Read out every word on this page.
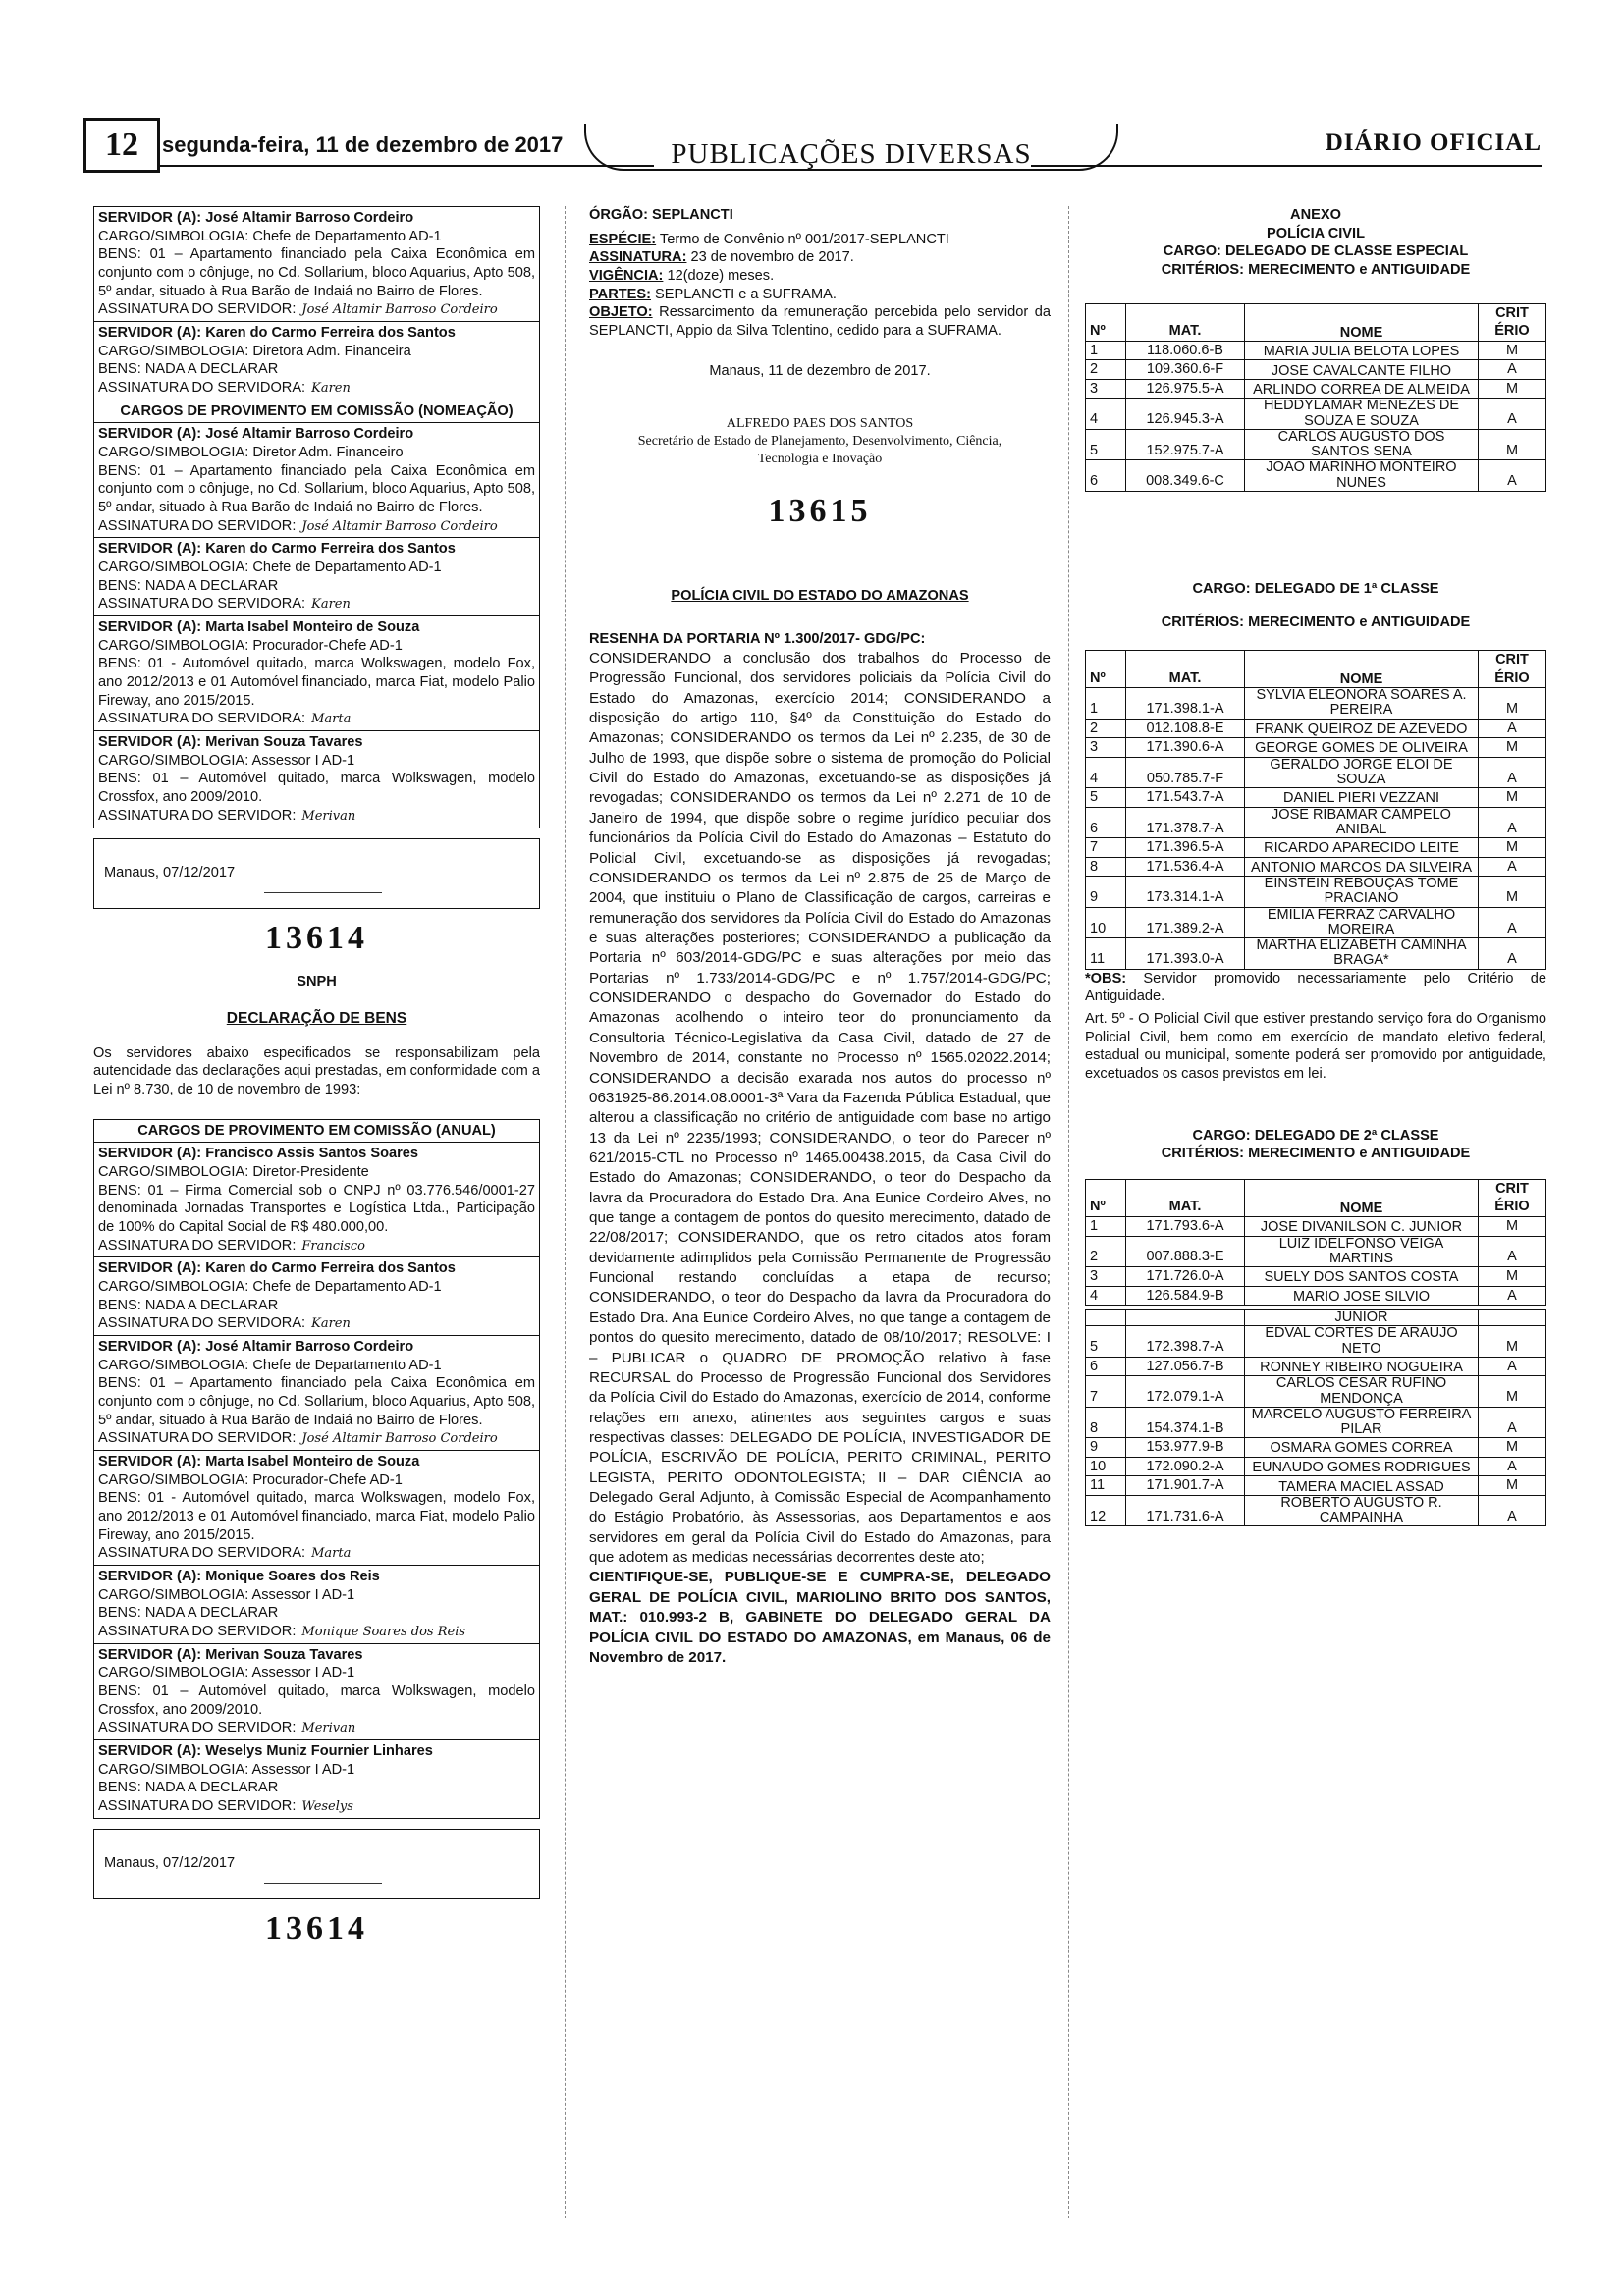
12	segunda-feira, 11 de dezembro de 2017	PUBLICAÇÕES DIVERSAS	DIÁRIO OFICIAL
SERVIDOR (A): José Altamir Barroso Cordeiro
CARGO/SIMBOLOGIA: Chefe de Departamento AD-1
BENS: 01 – Apartamento financiado pela Caixa Econômica em conjunto com o cônjuge, no Cd. Sollarium, bloco Aquarius, Apto 508, 5º andar, situado à Rua Barão de Indaiá no Bairro de Flores.
ASSINATURA DO SERVIDOR: José Altamir Barroso Cordeiro
SERVIDOR (A): Karen do Carmo Ferreira dos Santos
CARGO/SIMBOLOGIA: Diretora Adm. Financeira
BENS: NADA A DECLARAR
ASSINATURA DO SERVIDORA: Karen
CARGOS DE PROVIMENTO EM COMISSÃO (NOMEAÇÃO)
SERVIDOR (A): José Altamir Barroso Cordeiro
CARGO/SIMBOLOGIA: Diretor Adm. Financeiro
BENS: 01 – Apartamento financiado pela Caixa Econômica em conjunto com o cônjuge, no Cd. Sollarium, bloco Aquarius, Apto 508, 5º andar, situado à Rua Barão de Indaiá no Bairro de Flores.
ASSINATURA DO SERVIDOR: José Altamir Barroso Cordeiro
SERVIDOR (A): Karen do Carmo Ferreira dos Santos
CARGO/SIMBOLOGIA: Chefe de Departamento AD-1
BENS: NADA A DECLARAR
ASSINATURA DO SERVIDORA: Karen
SERVIDOR (A): Marta Isabel Monteiro de Souza
CARGO/SIMBOLOGIA: Procurador-Chefe AD-1
BENS: 01 - Automóvel quitado, marca Wolkswagen, modelo Fox, ano 2012/2013 e 01 Automóvel financiado, marca Fiat, modelo Palio Fireway, ano 2015/2015.
ASSINATURA DO SERVIDORA: Marta
SERVIDOR (A): Merivan Souza Tavares
CARGO/SIMBOLOGIA: Assessor I AD-1
BENS: 01 – Automóvel quitado, marca Wolkswagen, modelo Crossfox, ano 2009/2010.
ASSINATURA DO SERVIDOR: Merivan
Manaus, 07/12/2017
13614
SNPH
DECLARAÇÃO DE BENS

Os servidores abaixo especificados se responsabilizam pela autencidade das declarações aqui prestadas, em conformidade com a Lei nº 8.730, de 10 de novembro de 1993:

CARGOS DE PROVIMENTO EM COMISSÃO (ANUAL)
SERVIDOR (A): Francisco Assis Santos Soares
CARGO/SIMBOLOGIA: Diretor-Presidente
BENS: 01 – Firma Comercial sob o CNPJ nº 03.776.546/0001-27 denominada Jornadas Transportes e Logística Ltda., Participação de 100% do Capital Social de R$ 480.000,00.
ASSINATURA DO SERVIDOR: Francisco
SERVIDOR (A): Karen do Carmo Ferreira dos Santos
CARGO/SIMBOLOGIA: Chefe de Departamento AD-1
BENS: NADA A DECLARAR
ASSINATURA DO SERVIDORA: Karen
SERVIDOR (A): José Altamir Barroso Cordeiro
CARGO/SIMBOLOGIA: Chefe de Departamento AD-1
BENS: 01 – Apartamento financiado pela Caixa Econômica em conjunto com o cônjuge, no Cd. Sollarium, bloco Aquarius, Apto 508, 5º andar, situado à Rua Barão de Indaiá no Bairro de Flores.
ASSINATURA DO SERVIDOR: José Altamir Barroso Cordeiro
SERVIDOR (A): Marta Isabel Monteiro de Souza
CARGO/SIMBOLOGIA: Procurador-Chefe AD-1
BENS: 01 - Automóvel quitado, marca Wolkswagen, modelo Fox, ano 2012/2013 e 01 Automóvel financiado, marca Fiat, modelo Palio Fireway, ano 2015/2015.
ASSINATURA DO SERVIDORA: Marta
SERVIDOR (A): Monique Soares dos Reis
CARGO/SIMBOLOGIA: Assessor I AD-1
BENS: NADA A DECLARAR
ASSINATURA DO SERVIDOR: Monique Soares dos Reis
SERVIDOR (A): Merivan Souza Tavares
CARGO/SIMBOLOGIA: Assessor I AD-1
BENS: 01 – Automóvel quitado, marca Wolkswagen, modelo Crossfox, ano 2009/2010.
ASSINATURA DO SERVIDOR: Merivan
SERVIDOR (A): Weselys Muniz Fournier Linhares
CARGO/SIMBOLOGIA: Assessor I AD-1
BENS: NADA A DECLARAR
ASSINATURA DO SERVIDOR: Weselys
Manaus, 07/12/2017
13614

ÓRGÃO: SEPLANCTI

ESPÉCIE: Termo de Convênio nº 001/2017-SEPLANCTI

ASSINATURA: 23 de novembro de 2017.

VIGÊNCIA: 12(doze) meses.

PARTES: SEPLANCTI e a SUFRAMA.

OBJETO: Ressarcimento da remuneração percebida pelo servidor da SEPLANCTI, Appio da Silva Tolentino, cedido para a SUFRAMA.

Manaus, 11 de dezembro de 2017.

ALFREDO PAES DOS SANTOS
Secretário de Estado de Planejamento, Desenvolvimento, Ciência, Tecnologia e Inovação
13615
POLÍCIA CIVIL DO ESTADO DO AMAZONAS

RESENHA DA PORTARIA Nº 1.300/2017- GDG/PC:

CONSIDERANDO a conclusão dos trabalhos do Processo de Progressão Funcional, dos servidores policiais da Polícia Civil do Estado do Amazonas, exercício 2014; CONSIDERANDO a disposição do artigo 110, §4º da Constituição do Estado do Amazonas; CONSIDERANDO os termos da Lei nº 2.235, de 30 de Julho de 1993, que dispõe sobre o sistema de promoção do Policial Civil do Estado do Amazonas, excetuando-se as disposições já revogadas; CONSIDERANDO os termos da Lei nº 2.271 de 10 de Janeiro de 1994, que dispõe sobre o regime jurídico peculiar dos funcionários da Polícia Civil do Estado do Amazonas – Estatuto do Policial Civil, excetuando-se as disposições já revogadas; CONSIDERANDO os termos da Lei nº 2.875 de 25 de Março de 2004, que instituiu o Plano de Classificação de cargos, carreiras e remuneração dos servidores da Polícia Civil do Estado do Amazonas e suas alterações posteriores; CONSIDERANDO a publicação da Portaria nº 603/2014-GDG/PC e suas alterações por meio das Portarias nº 1.733/2014-GDG/PC e nº 1.757/2014-GDG/PC; CONSIDERANDO o despacho do Governador do Estado do Amazonas acolhendo o inteiro teor do pronunciamento da Consultoria Técnico-Legislativa da Casa Civil, datado de 27 de Novembro de 2014, constante no Processo nº 1565.02022.2014; CONSIDERANDO a decisão exarada nos autos do processo nº 0631925-86.2014.08.0001-3ª Vara da Fazenda Pública Estadual, que alterou a classificação no critério de antiguidade com base no artigo 13 da Lei nº 2235/1993; CONSIDERANDO, o teor do Parecer nº 621/2015-CTL no Processo nº 1465.00438.2015, da Casa Civil do Estado do Amazonas; CONSIDERANDO, o teor do Despacho da lavra da Procuradora do Estado Dra. Ana Eunice Cordeiro Alves, no que tange a contagem de pontos do quesito merecimento, datado de 22/08/2017; CONSIDERANDO, que os retro citados atos foram devidamente adimplidos pela Comissão Permanente de Progressão Funcional restando concluídas a etapa de recurso; CONSIDERANDO, o teor do Despacho da lavra da Procuradora do Estado Dra. Ana Eunice Cordeiro Alves, no que tange a contagem de pontos do quesito merecimento, datado de 08/10/2017; RESOLVE: I – PUBLICAR o QUADRO DE PROMOÇÃO relativo à fase RECURSAL do Processo de Progressão Funcional dos Servidores da Polícia Civil do Estado do Amazonas, exercício de 2014, conforme relações em anexo, atinentes aos seguintes cargos e suas respectivas classes: DELEGADO DE POLÍCIA, INVESTIGADOR DE POLÍCIA, ESCRIVÃO DE POLÍCIA, PERITO CRIMINAL, PERITO LEGISTA, PERITO ODONTOLEGISTA; II – DAR CIÊNCIA ao Delegado Geral Adjunto, à Comissão Especial de Acompanhamento do Estágio Probatório, às Assessorias, aos Departamentos e aos servidores em geral da Polícia Civil do Estado do Amazonas, para que adotem as medidas necessárias decorrentes deste ato;

CIENTIFIQUE-SE, PUBLIQUE-SE E CUMPRA-SE, DELEGADO GERAL DE POLÍCIA CIVIL, MARIOLINO BRITO DOS SANTOS, MAT.: 010.993-2 B, GABINETE DO DELEGADO GERAL DA POLÍCIA CIVIL DO ESTADO DO AMAZONAS, em Manaus, 06 de Novembro de 2017.

ANEXO
POLÍCIA CIVIL
CARGO: DELEGADO DE CLASSE ESPECIAL
CRITÉRIOS: MERECIMENTO e ANTIGUIDADE
Nº	MAT.	NOME	CRIT ÉRIO
1	118.060.6-B	MARIA JULIA BELOTA LOPES	M
2	109.360.6-F	JOSE CAVALCANTE FILHO	A
3	126.975.5-A	ARLINDO CORREA DE ALMEIDA	M
4	126.945.3-A	HEDDYLAMAR MENEZES DE SOUZA E SOUZA	A
5	152.975.7-A	CARLOS AUGUSTO DOS SANTOS SENA	M
6	008.349.6-C	JOAO MARINHO MONTEIRO NUNES	A
CARGO: DELEGADO DE 1ª CLASSE
CRITÉRIOS: MERECIMENTO e ANTIGUIDADE
Nº	MAT.	NOME	CRIT ÉRIO
1	171.398.1-A	SYLVIA ELEONORA SOARES A. PEREIRA	M
2	012.108.8-E	FRANK QUEIROZ DE AZEVEDO	A
3	171.390.6-A	GEORGE GOMES DE OLIVEIRA	M
4	050.785.7-F	GERALDO JORGE ELOI DE SOUZA	A
5	171.543.7-A	DANIEL PIERI VEZZANI	M
6	171.378.7-A	JOSE RIBAMAR CAMPELO ANIBAL	A
7	171.396.5-A	RICARDO APARECIDO LEITE	M
8	171.536.4-A	ANTONIO MARCOS DA SILVEIRA	A
9	173.314.1-A	EINSTEIN REBOUÇAS TOME PRACIANO	M
10	171.389.2-A	EMILIA FERRAZ CARVALHO MOREIRA	A
11	171.393.0-A	MARTHA ELIZABETH CAMINHA BRAGA*	A

*OBS: Servidor promovido necessariamente pelo Critério de Antiguidade.

Art. 5º - O Policial Civil que estiver prestando serviço fora do Organismo Policial Civil, bem como em exercício de mandato eletivo federal, estadual ou municipal, somente poderá ser promovido por antiguidade, excetuados os casos previstos em lei.

CARGO: DELEGADO DE 2ª CLASSE
CRITÉRIOS: MERECIMENTO e ANTIGUIDADE
Nº	MAT.	NOME	CRIT ÉRIO
1	171.793.6-A	JOSE DIVANILSON C. JUNIOR	M
2	007.888.3-E	LUIZ IDELFONSO VEIGA MARTINS	A
3	171.726.0-A	SUELY DOS SANTOS COSTA	M
4	126.584.9-B	MARIO JOSE SILVIO	A
		JUNIOR	
5	172.398.7-A	EDVAL CORTES DE ARAUJO NETO	M
6	127.056.7-B	RONNEY RIBEIRO NOGUEIRA	A
7	172.079.1-A	CARLOS CESAR RUFINO MENDONÇA	M
8	154.374.1-B	MARCELO AUGUSTO FERREIRA PILAR	A
9	153.977.9-B	OSMARA GOMES CORREA	M
10	172.090.2-A	EUNAUDO GOMES RODRIGUES	A
11	171.901.7-A	TAMERA MACIEL ASSAD	M
12	171.731.6-A	ROBERTO AUGUSTO R. CAMPAINHA	A
